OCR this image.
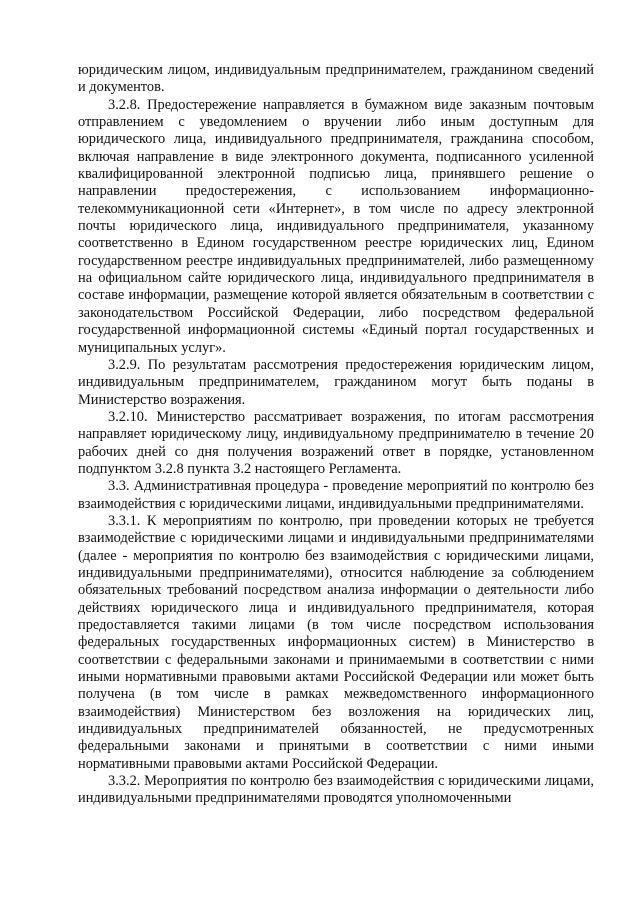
юридическим лицом, индивидуальным предпринимателем, гражданином сведений и документов.

3.2.8. Предостережение направляется в бумажном виде заказным почтовым отправлением с уведомлением о вручении либо иным доступным для юридического лица, индивидуального предпринимателя, гражданина способом, включая направление в виде электронного документа, подписанного усиленной квалифицированной электронной подписью лица, принявшего решение о направлении предостережения, с использованием информационно-телекоммуникационной сети «Интернет», в том числе по адресу электронной почты юридического лица, индивидуального предпринимателя, указанному соответственно в Едином государственном реестре юридических лиц, Едином государственном реестре индивидуальных предпринимателей, либо размещенному на официальном сайте юридического лица, индивидуального предпринимателя в составе информации, размещение которой является обязательным в соответствии с законодательством Российской Федерации, либо посредством федеральной государственной информационной системы «Единый портал государственных и муниципальных услуг».

3.2.9. По результатам рассмотрения предостережения юридическим лицом, индивидуальным предпринимателем, гражданином могут быть поданы в Министерство возражения.

3.2.10. Министерство рассматривает возражения, по итогам рассмотрения направляет юридическому лицу, индивидуальному предпринимателю в течение 20 рабочих дней со дня получения возражений ответ в порядке, установленном подпунктом 3.2.8 пункта 3.2 настоящего Регламента.

3.3. Административная процедура - проведение мероприятий по контролю без взаимодействия с юридическими лицами, индивидуальными предпринимателями.

3.3.1. К мероприятиям по контролю, при проведении которых не требуется взаимодействие с юридическими лицами и индивидуальными предпринимателями (далее - мероприятия по контролю без взаимодействия с юридическими лицами, индивидуальными предпринимателями), относится наблюдение за соблюдением обязательных требований посредством анализа информации о деятельности либо действиях юридического лица и индивидуального предпринимателя, которая предоставляется такими лицами (в том числе посредством использования федеральных государственных информационных систем) в Министерство в соответствии с федеральными законами и принимаемыми в соответствии с ними иными нормативными правовыми актами Российской Федерации или может быть получена (в том числе в рамках межведомственного информационного взаимодействия) Министерством без возложения на юридических лиц, индивидуальных предпринимателей обязанностей, не предусмотренных федеральными законами и принятыми в соответствии с ними иными нормативными правовыми актами Российской Федерации.

3.3.2. Мероприятия по контролю без взаимодействия с юридическими лицами, индивидуальными предпринимателями проводятся уполномоченными
